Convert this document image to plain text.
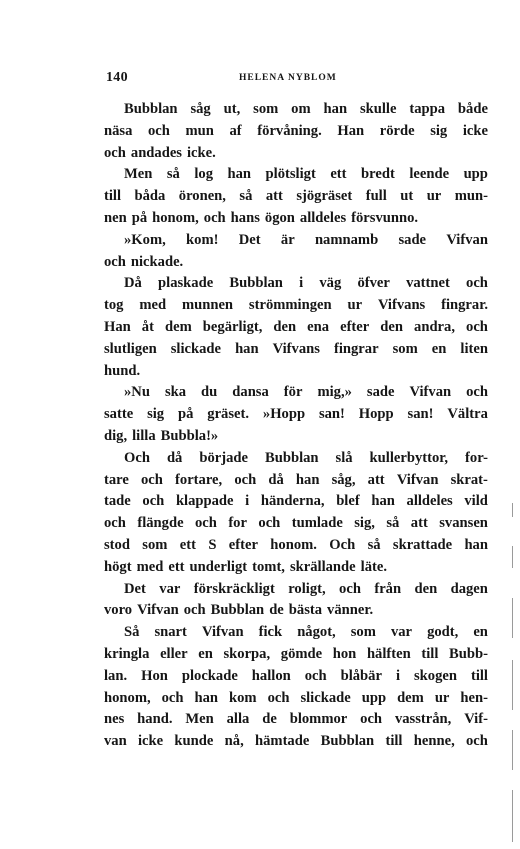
140	HELENA NYBLOM
Bubblan såg ut, som om han skulle tappa både
näsa och mun af förvåning. Han rörde sig icke
och andades icke.
Men så log han plötsligt ett bredt leende upp
till båda öronen, så att sjögräset full ut ur mun-
nen på honom, och hans ögon alldeles försvunno.
»Kom, kom! Det är namnamb sade Vifvan
och nickade.
Då plaskade Bubblan i väg öfver vattnet och
tog med munnen strömmingen ur Vifvans fingrar.
Han åt dem begärligt, den ena efter den andra, och
slutligen slickade han Vifvans fingrar som en liten
hund.
»Nu ska du dansa för mig,» sade Vifvan och
satte sig på gräset. »Hopp san! Hopp san! Vältra
dig, lilla Bubbla!»
Och då började Bubblan slå kullerbyttor, for-
tare och fortare, och då han såg, att Vifvan skrat-
tade och klappade i händerna, blef han alldeles vild
och flängde och for och tumlade sig, så att svansen
stod som ett S efter honom. Och så skrattade han
högt med ett underligt tomt, skrällande läte.
Det var förskräckligt roligt, och från den dagen
voro Vifvan och Bubblan de bästa vänner.
Så snart Vifvan fick något, som var godt, en
kringla eller en skorpa, gömde hon hälften till Bubb-
lan. Hon plockade hallon och blåbär i skogen till
honom, och han kom och slickade upp dem ur hen-
nes hand. Men alla de blommor och vasstrån, Vif-
van icke kunde nå, hämtade Bubblan till henne, och
